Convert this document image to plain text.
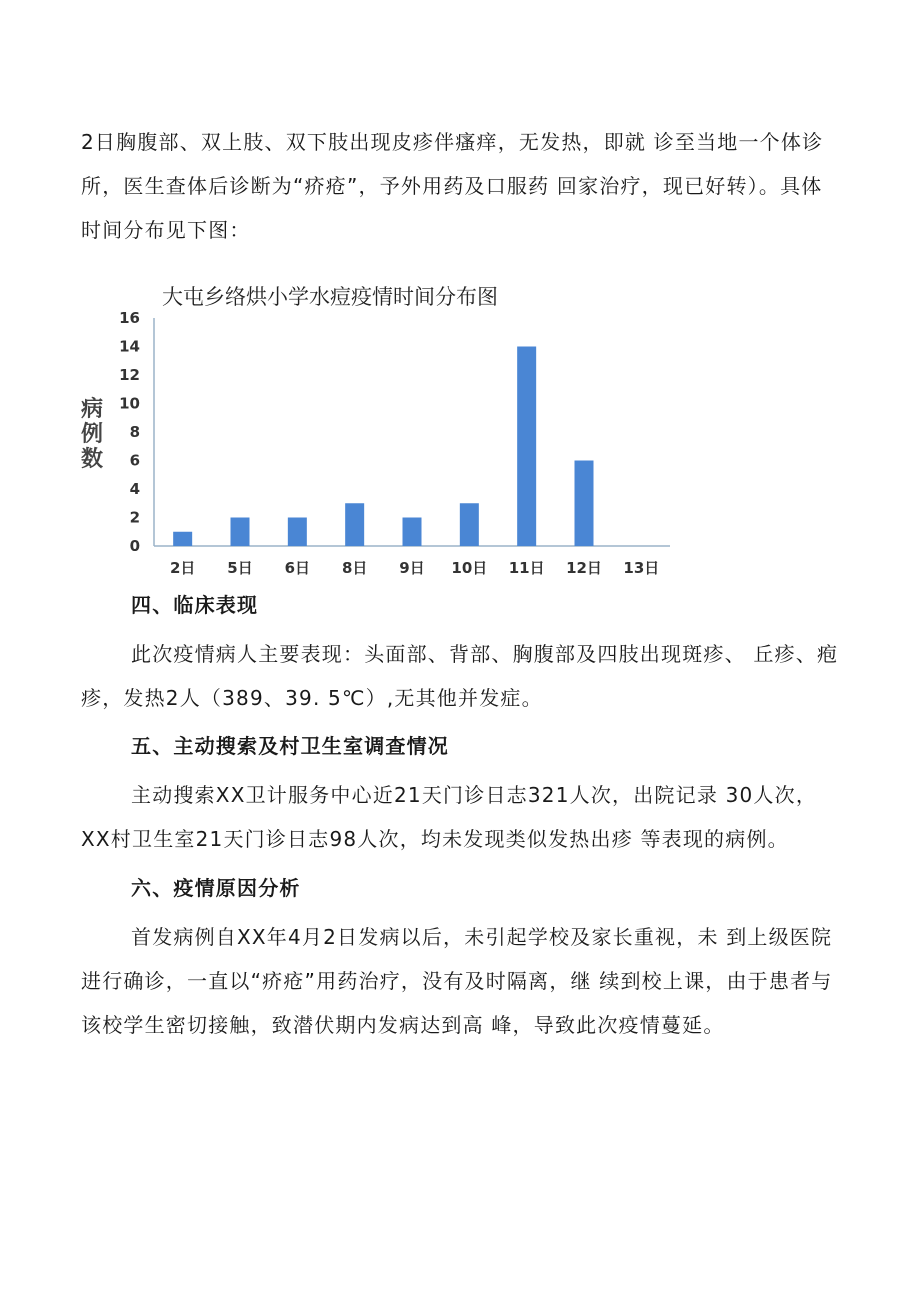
2日胸腹部、双上肢、双下肢出现皮疹伴瘙痒，无发热，即就 诊至当地一个体诊所，医生查体后诊断为“疥疮”，予外用药及口服药 回家治疗，现已好转）。具体时间分布见下图：

大屯乡络烘小学水痘疫情时间分布图
病
例
数
0
2
4
6
8
10
12
14
16
2日 5日 6日 8日 9日 10日 11日 12日 13日
四、临床表现

此次疫情病人主要表现：头面部、背部、胸腹部及四肢出现斑疹、 丘疹、疱疹，发热2人（389、39. 5℃）,无其他并发症。

五、主动搜索及村卫生室调查情况

主动搜索XX卫计服务中心近21天门诊日志321人次，出院记录 30人次，XX村卫生室21天门诊日志98人次，均未发现类似发热出疹 等表现的病例。

六、疫情原因分析

首发病例自XX年4月2日发病以后，未引起学校及家长重视，未 到上级医院进行确诊，一直以“疥疮”用药治疗，没有及时隔离，继 续到校上课，由于患者与该校学生密切接触，致潜伏期内发病达到高 峰，导致此次疫情蔓延。
